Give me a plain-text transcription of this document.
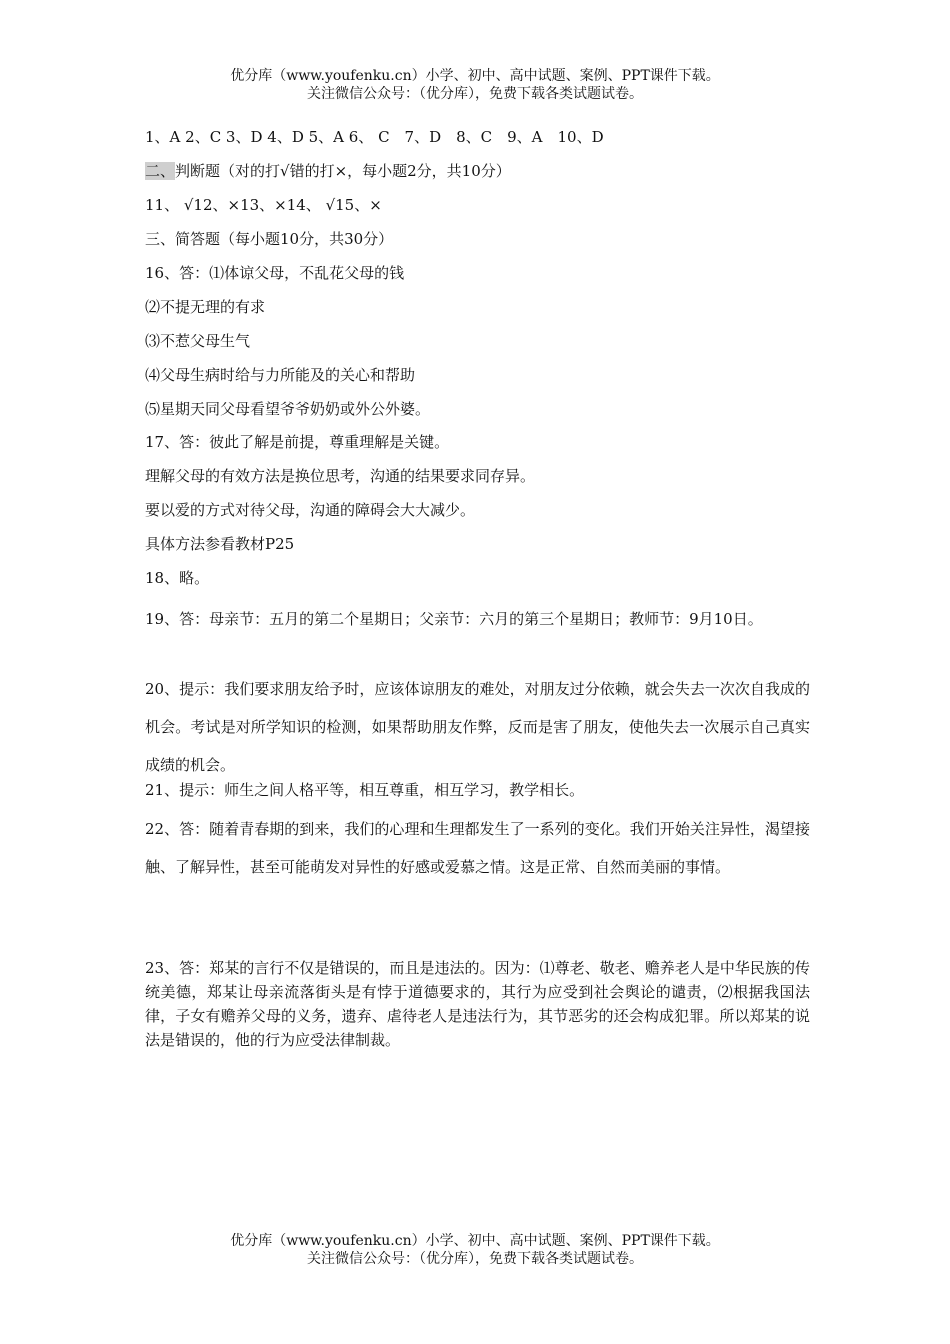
优分库（www.youfenku.cn）小学、初中、高中试题、案例、PPT课件下载。
关注微信公众号：（优分库），免费下载各类试题试卷。
1、A 2、C 3、D 4、D 5、A 6、 C　7、D　8、C　9、A　10、D
二、判断题（对的打√错的打×，每小题2分，共10分）
11、 √12、×13、×14、 √15、×
三、简答题（每小题10分，共30分）
16、答：⑴体谅父母，不乱花父母的钱
⑵不提无理的有求
⑶不惹父母生气
⑷父母生病时给与力所能及的关心和帮助
⑸星期天同父母看望爷爷奶奶或外公外婆。
17、答：彼此了解是前提，尊重理解是关键。
理解父母的有效方法是换位思考，沟通的结果要求同存异。
要以爱的方式对待父母，沟通的障碍会大大减少。
具体方法参看教材P25
18、略。
19、答：母亲节：五月的第二个星期日；父亲节：六月的第三个星期日；教师节：9月10日。
20、提示：我们要求朋友给予时，应该体谅朋友的难处，对朋友过分依赖，就会失去一次次自我成的机会。考试是对所学知识的检测，如果帮助朋友作弊，反而是害了朋友，使他失去一次展示自己真实成绩的机会。
21、提示：师生之间人格平等，相互尊重，相互学习，教学相长。
22、答：随着青春期的到来，我们的心理和生理都发生了一系列的变化。我们开始关注异性，渴望接触、了解异性，甚至可能萌发对异性的好感或爱慕之情。这是正常、自然而美丽的事情。
23、答：郑某的言行不仅是错误的，而且是违法的。因为：⑴尊老、敬老、赡养老人是中华民族的传统美德，郑某让母亲流落街头是有悖于道德要求的，其行为应受到社会舆论的谴责，⑵根据我国法律，子女有赡养父母的义务，遗弃、虐待老人是违法行为，其节恶劣的还会构成犯罪。所以郑某的说法是错误的，他的行为应受法律制裁。
优分库（www.youfenku.cn）小学、初中、高中试题、案例、PPT课件下载。
关注微信公众号：（优分库），免费下载各类试题试卷。
